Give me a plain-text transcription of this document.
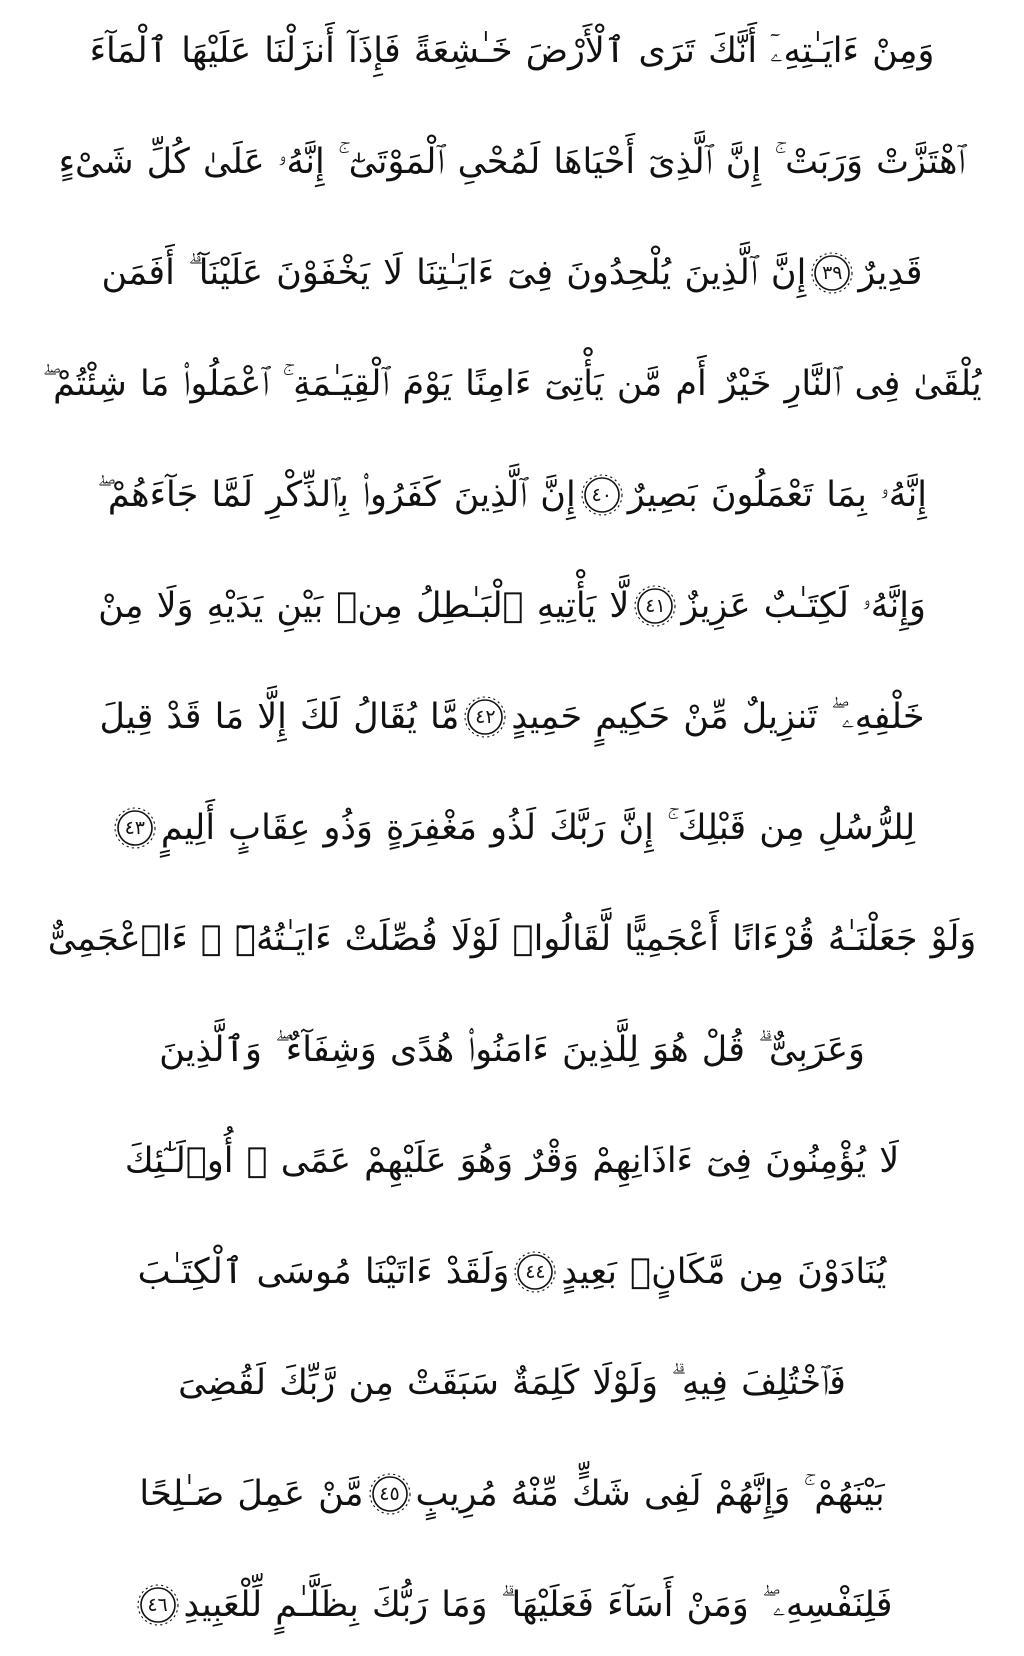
وَمِنْ ءَايَـٰتِهِۦٓ أَنَّكَ تَرَى ٱلْأَرْضَ خَـٰشِعَةً فَإِذَآ أَنزَلْنَا عَلَيْهَا ٱلْمَآءَ
ٱهْتَزَّتْ وَرَبَتْ ۚ إِنَّ ٱلَّذِىٓ أَحْيَاهَا لَمُحْىِ ٱلْمَوْتَىٰٓ ۚ إِنَّهُۥ عَلَىٰ كُلِّ شَىْءٍ
قَدِيرٌ
٣٩
إِنَّ ٱلَّذِينَ يُلْحِدُونَ فِىٓ ءَايَـٰتِنَا لَا يَخْفَوْنَ عَلَيْنَآ ۗ أَفَمَن
يُلْقَىٰ فِى ٱلنَّارِ خَيْرٌ أَم مَّن يَأْتِىٓ ءَامِنًا يَوْمَ ٱلْقِيَـٰمَةِ ۚ ٱعْمَلُوا۟ مَا شِئْتُمْ ۖ
إِنَّهُۥ بِمَا تَعْمَلُونَ بَصِيرٌ
٤٠
إِنَّ ٱلَّذِينَ كَفَرُوا۟ بِٱلذِّكْرِ لَمَّا جَآءَهُمْ ۖ
وَإِنَّهُۥ لَكِتَـٰبٌ عَزِيزٌ
٤١
لَّا يَأْتِيهِ ٱلْبَـٰطِلُ مِنۢ بَيْنِ يَدَيْهِ وَلَا مِنْ
خَلْفِهِۦ ۖ تَنزِيلٌ مِّنْ حَكِيمٍ حَمِيدٍ
٤٢
مَّا يُقَالُ لَكَ إِلَّا مَا قَدْ قِيلَ
لِلرُّسُلِ مِن قَبْلِكَ ۚ إِنَّ رَبَّكَ لَذُو مَغْفِرَةٍ وَذُو عِقَابٍ أَلِيمٍ
٤٣
وَلَوْ جَعَلْنَـٰهُ قُرْءَانًا أَعْجَمِيًّا لَّقَالُوا۟ لَوْلَا فُصِّلَتْ ءَايَـٰتُهُۥٓ ۖ ءَا۬عْجَمِىٌّ
وَعَرَبِىٌّ ۗ قُلْ هُوَ لِلَّذِينَ ءَامَنُوا۟ هُدًى وَشِفَآءٌ ۖ وَٱلَّذِينَ
لَا يُؤْمِنُونَ فِىٓ ءَاذَانِهِمْ وَقْرٌ وَهُوَ عَلَيْهِمْ عَمًى ۚ أُو۟لَـٰٓئِكَ
يُنَادَوْنَ مِن مَّكَانٍۭ بَعِيدٍ
٤٤
وَلَقَدْ ءَاتَيْنَا مُوسَى ٱلْكِتَـٰبَ
فَٱخْتُلِفَ فِيهِ ۗ وَلَوْلَا كَلِمَةٌ سَبَقَتْ مِن رَّبِّكَ لَقُضِىَ
بَيْنَهُمْ ۚ وَإِنَّهُمْ لَفِى شَكٍّ مِّنْهُ مُرِيبٍ
٤٥
مَّنْ عَمِلَ صَـٰلِحًا
فَلِنَفْسِهِۦ ۖ وَمَنْ أَسَآءَ فَعَلَيْهَا ۗ وَمَا رَبُّكَ بِظَلَّـٰمٍ لِّلْعَبِيدِ
٤٦
